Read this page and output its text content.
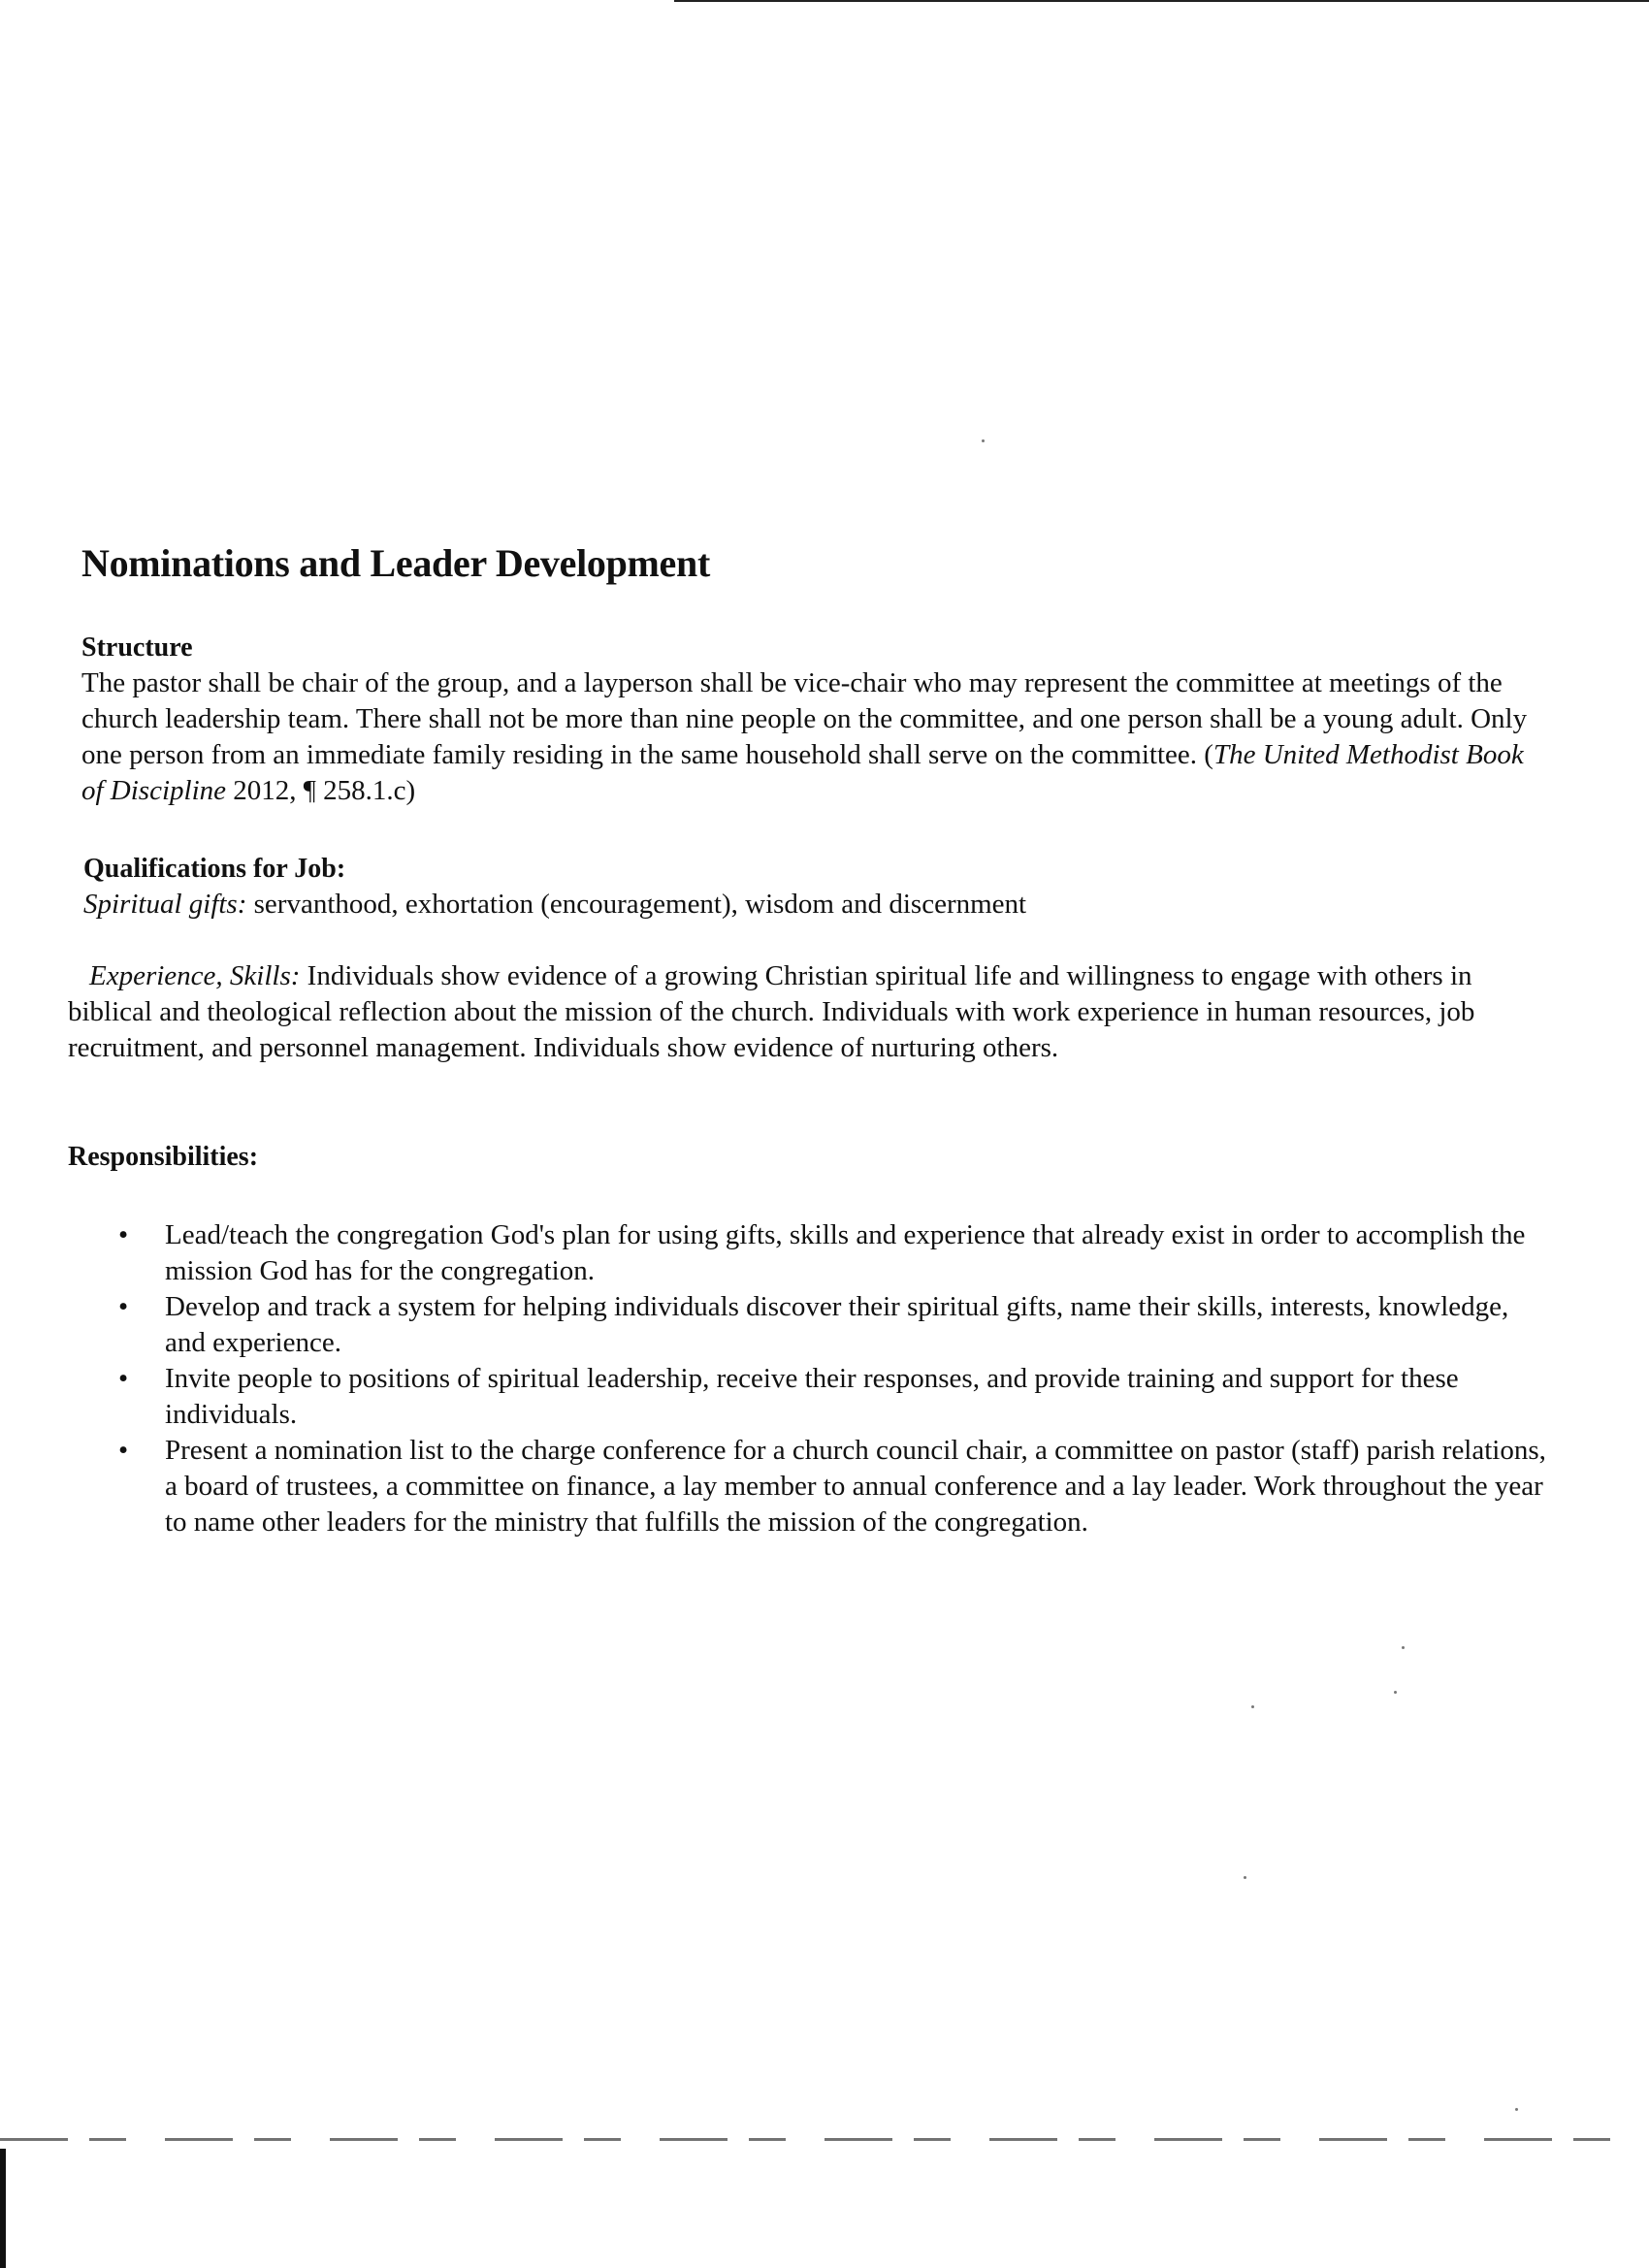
Nominations and Leader Development
Structure
The pastor shall be chair of the group, and a layperson shall be vice-chair who may represent the committee at meetings of the church leadership team. There shall not be more than nine people on the committee, and one person shall be a young adult. Only one person from an immediate family residing in the same household shall serve on the committee. (The United Methodist Book of Discipline 2012, ¶ 258.1.c)
Qualifications for Job:
Spiritual gifts: servanthood, exhortation (encouragement), wisdom and discernment
Experience, Skills: Individuals show evidence of a growing Christian spiritual life and willingness to engage with others in biblical and theological reflection about the mission of the church. Individuals with work experience in human resources, job recruitment, and personnel management. Individuals show evidence of nurturing others.
Responsibilities:
• Lead/teach the congregation God's plan for using gifts, skills and experience that already exist in order to accomplish the mission God has for the congregation.
• Develop and track a system for helping individuals discover their spiritual gifts, name their skills, interests, knowledge, and experience.
• Invite people to positions of spiritual leadership, receive their responses, and provide training and support for these individuals.
• Present a nomination list to the charge conference for a church council chair, a committee on pastor (staff) parish relations, a board of trustees, a committee on finance, a lay member to annual conference and a lay leader. Work throughout the year to name other leaders for the ministry that fulfills the mission of the congregation.
